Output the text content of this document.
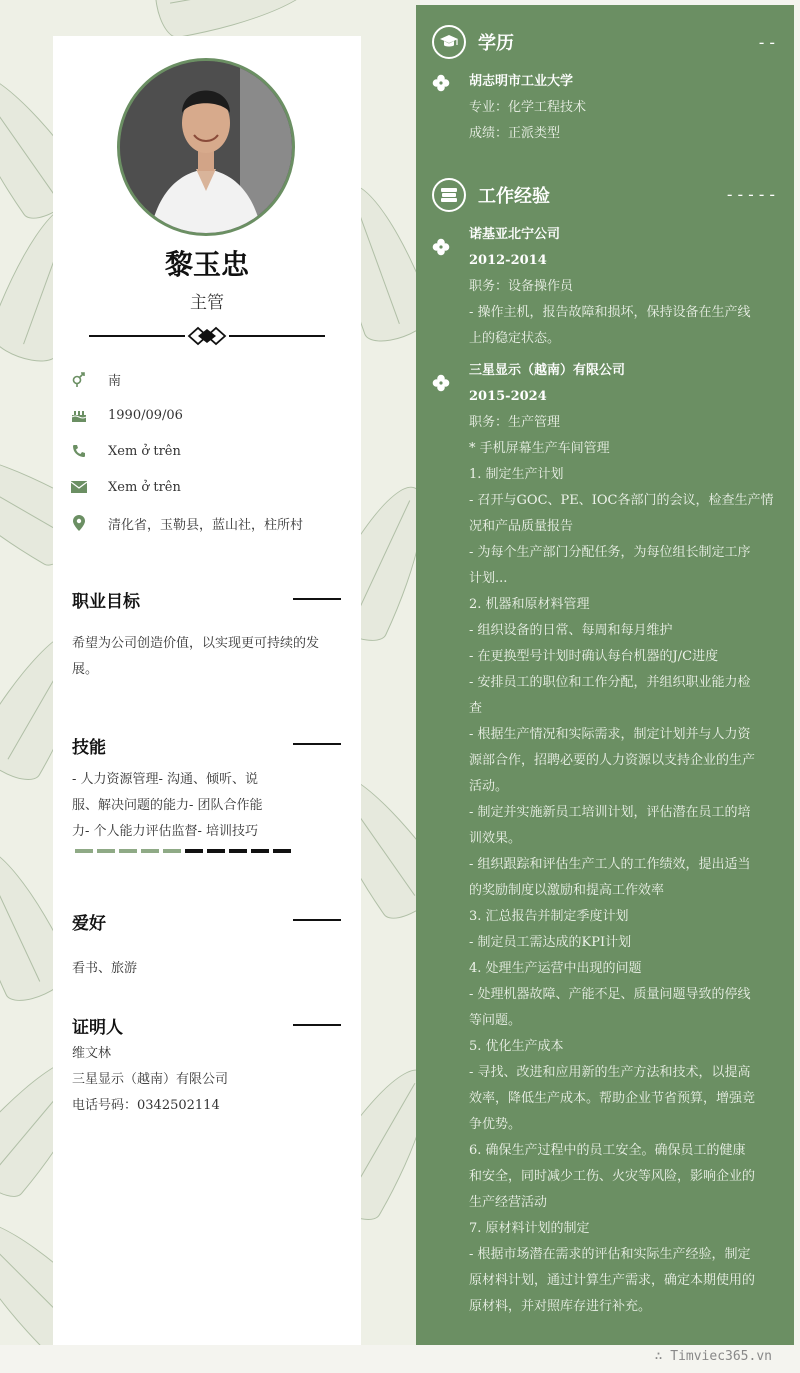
黎玉忠
主管
南
1990/09/06
Xem ở trên
Xem ở trên
清化省，玉勒县，蓝山社，柱所村
职业目标
希望为公司创造价值，以实现更可持续的发
展。
技能
- 人力资源管理- 沟通、倾听、说
服、解决问题的能力- 团队合作能
力- 个人能力评估监督- 培训技巧
爱好
看书、旅游
证明人
维文林
三星显示（越南）有限公司
电话号码：0342502114
学历	--
胡志明市工业大学
专业：化学工程技术
成绩：正派类型
工作经验	-----
诺基亚北宁公司
2012-2014
职务：设备操作员
- 操作主机，报告故障和损坏，保持设备在生产线
上的稳定状态。
三星显示（越南）有限公司
2015-2024
职务：生产管理
* 手机屏幕生产车间管理
1. 制定生产计划
- 召开与GOC、PE、IOC各部门的会议，检查生产情
况和产品质量报告
- 为每个生产部门分配任务，为每位组长制定工序
计划...
2. 机器和原材料管理
- 组织设备的日常、每周和每月维护
- 在更换型号计划时确认每台机器的J/C进度
- 安排员工的职位和工作分配，并组织职业能力检
查
- 根据生产情况和实际需求，制定计划并与人力资
源部合作，招聘必要的人力资源以支持企业的生产
活动。
- 制定并实施新员工培训计划，评估潜在员工的培
训效果。
- 组织跟踪和评估生产工人的工作绩效，提出适当
的奖励制度以激励和提高工作效率
3. 汇总报告并制定季度计划
- 制定员工需达成的KPI计划
4. 处理生产运营中出现的问题
- 处理机器故障、产能不足、质量问题导致的停线
等问题。
5. 优化生产成本
- 寻找、改进和应用新的生产方法和技术，以提高
效率，降低生产成本。帮助企业节省预算，增强竞
争优势。
6. 确保生产过程中的员工安全。确保员工的健康
和安全，同时减少工伤、火灾等风险，影响企业的
生产经营活动
7. 原材料计划的制定
- 根据市场潜在需求的评估和实际生产经验，制定
原材料计划，通过计算生产需求，确定本期使用的
原材料，并对照库存进行补充。
∴ Timviec365.vn
